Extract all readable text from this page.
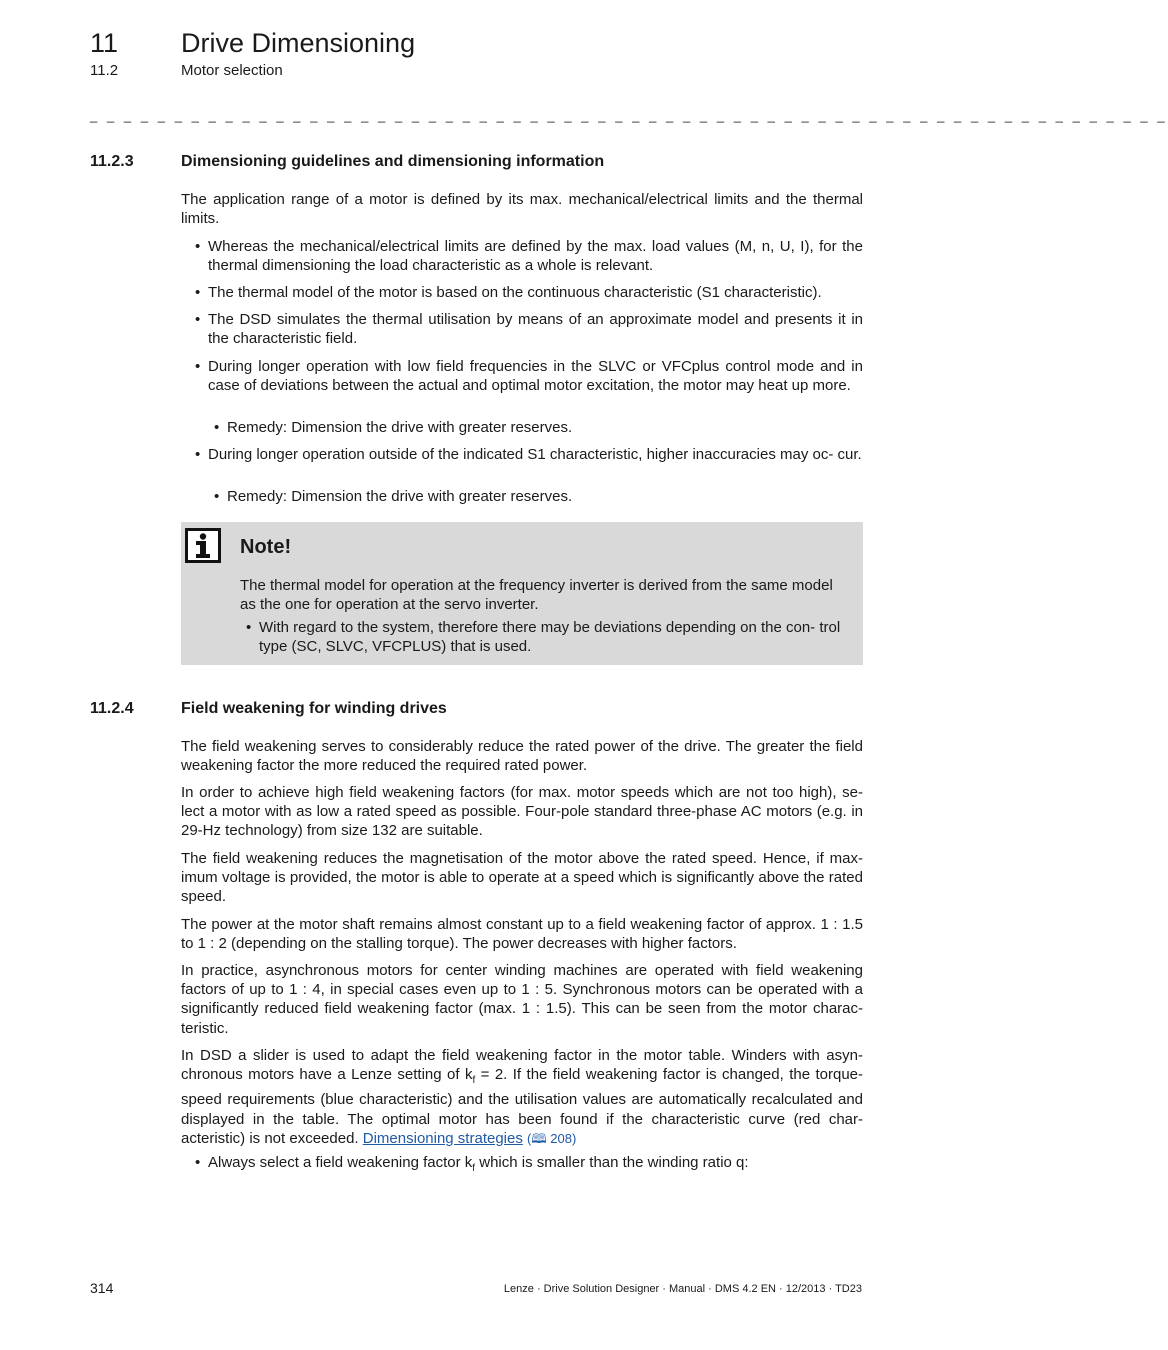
11 Drive Dimensioning
11.2	Motor selection
_ _ _ _ _ _ _ _ _ _ _ _ _ _ _ _ _ _ _ _ _ _ _ _ _ _ _ _ _ _ _ _ _ _ _ _ _ _ _ _ _ _ _ _ _ _ _ _ _ _ _ _ _ _ _ _ _ _ _ _ _ _ _ _
11.2.3	Dimensioning guidelines and dimensioning information
The application range of a motor is defined by its max. mechanical/electrical limits and the thermal limits.
• Whereas the mechanical/electrical limits are defined by the max. load values (M, n, U, I), for the thermal dimensioning the load characteristic as a whole is relevant.
• The thermal model of the motor is based on the continuous characteristic (S1 characteristic).
• The DSD simulates the thermal utilisation by means of an approximate model and presents it in the characteristic field.
• During longer operation with low field frequencies in the SLVC or VFCplus control mode and in case of deviations between the actual and optimal motor excitation, the motor may heat up more.
• Remedy: Dimension the drive with greater reserves.
• During longer operation outside of the indicated S1 characteristic, higher inaccuracies may oc- cur.
• Remedy: Dimension the drive with greater reserves.
Note!
The thermal model for operation at the frequency inverter is derived from the same model as the one for operation at the servo inverter.
• With regard to the system, therefore there may be deviations depending on the con- trol type (SC, SLVC, VFCPLUS) that is used.
11.2.4	Field weakening for winding drives
The field weakening serves to considerably reduce the rated power of the drive. The greater the field weakening factor the more reduced the required rated power.
In order to achieve high field weakening factors (for max. motor speeds which are not too high), se- lect a motor with as low a rated speed as possible. Four-pole standard three-phase AC motors (e.g. in 29-Hz technology) from size 132 are suitable.
The field weakening reduces the magnetisation of the motor above the rated speed. Hence, if max- imum voltage is provided, the motor is able to operate at a speed which is significantly above the rated speed.
The power at the motor shaft remains almost constant up to a field weakening factor of approx. 1 : 1.5 to 1 : 2 (depending on the stalling torque). The power decreases with higher factors.
In practice, asynchronous motors for center winding machines are operated with field weakening factors of up to 1 : 4, in special cases even up to 1 : 5. Synchronous motors can be operated with a significantly reduced field weakening factor (max. 1 : 1.5). This can be seen from the motor charac- teristic.
In DSD a slider is used to adapt the field weakening factor in the motor table. Winders with asyn- chronous motors have a Lenze setting of $k_f = 2$. If the field weakening factor is changed, the torque-speed requirements (blue characteristic) and the utilisation values are automatically recalculated and displayed in the table. The optimal motor has been found if the characteristic curve (red char- acteristic) is not exceeded. Dimensioning strategies (🕮 208)
• Always select a field weakening factor $k_f$ which is smaller than the winding ratio q:
314	Lenze · Drive Solution Designer · Manual · DMS 4.2 EN · 12/2013 · TD23
